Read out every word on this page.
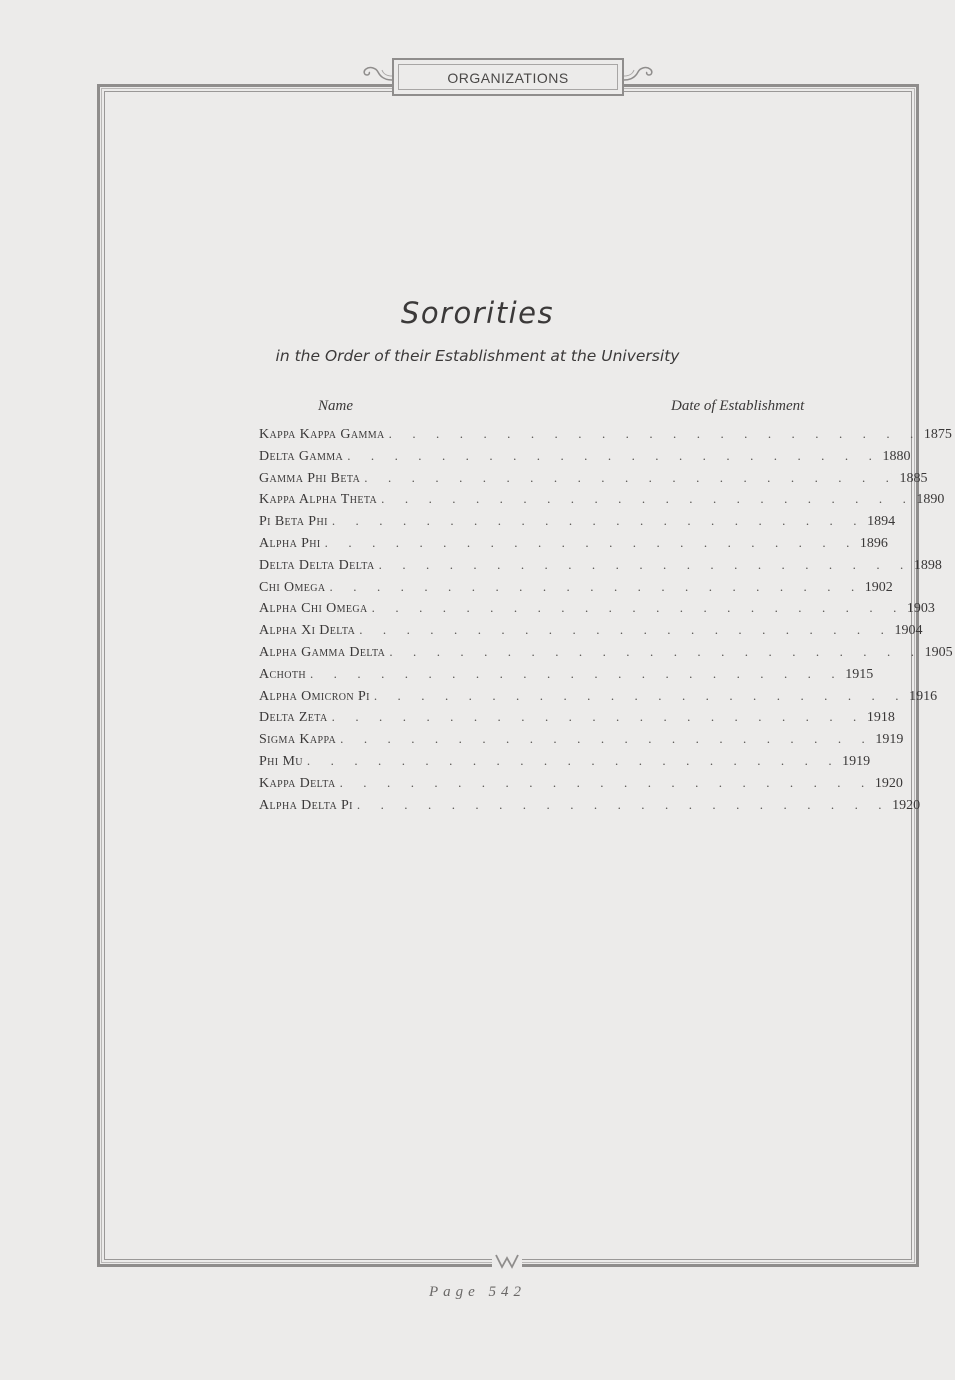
ORGANIZATIONS
Sororities
in the Order of their Establishment at the University
Name	Date of Establishment
Kappa Kappa Gamma . . . . . . . . . . . . . . . . . . . . . . . 1875
Delta Gamma . . . . . . . . . . . . . . . . . . . . . . . 1880
Gamma Phi Beta . . . . . . . . . . . . . . . . . . . . . . . 1885
Kappa Alpha Theta . . . . . . . . . . . . . . . . . . . . . . . 1890
Pi Beta Phi . . . . . . . . . . . . . . . . . . . . . . . 1894
Alpha Phi . . . . . . . . . . . . . . . . . . . . . . . 1896
Delta Delta Delta . . . . . . . . . . . . . . . . . . . . . . . 1898
Chi Omega . . . . . . . . . . . . . . . . . . . . . . . 1902
Alpha Chi Omega . . . . . . . . . . . . . . . . . . . . . . . 1903
Alpha Xi Delta . . . . . . . . . . . . . . . . . . . . . . . 1904
Alpha Gamma Delta . . . . . . . . . . . . . . . . . . . . . . . 1905
Achoth . . . . . . . . . . . . . . . . . . . . . . . 1915
Alpha Omicron Pi . . . . . . . . . . . . . . . . . . . . . . . 1916
Delta Zeta . . . . . . . . . . . . . . . . . . . . . . . 1918
Sigma Kappa . . . . . . . . . . . . . . . . . . . . . . . 1919
Phi Mu . . . . . . . . . . . . . . . . . . . . . . . 1919
Kappa Delta . . . . . . . . . . . . . . . . . . . . . . . 1920
Alpha Delta Pi . . . . . . . . . . . . . . . . . . . . . . . 1920
Page 542
